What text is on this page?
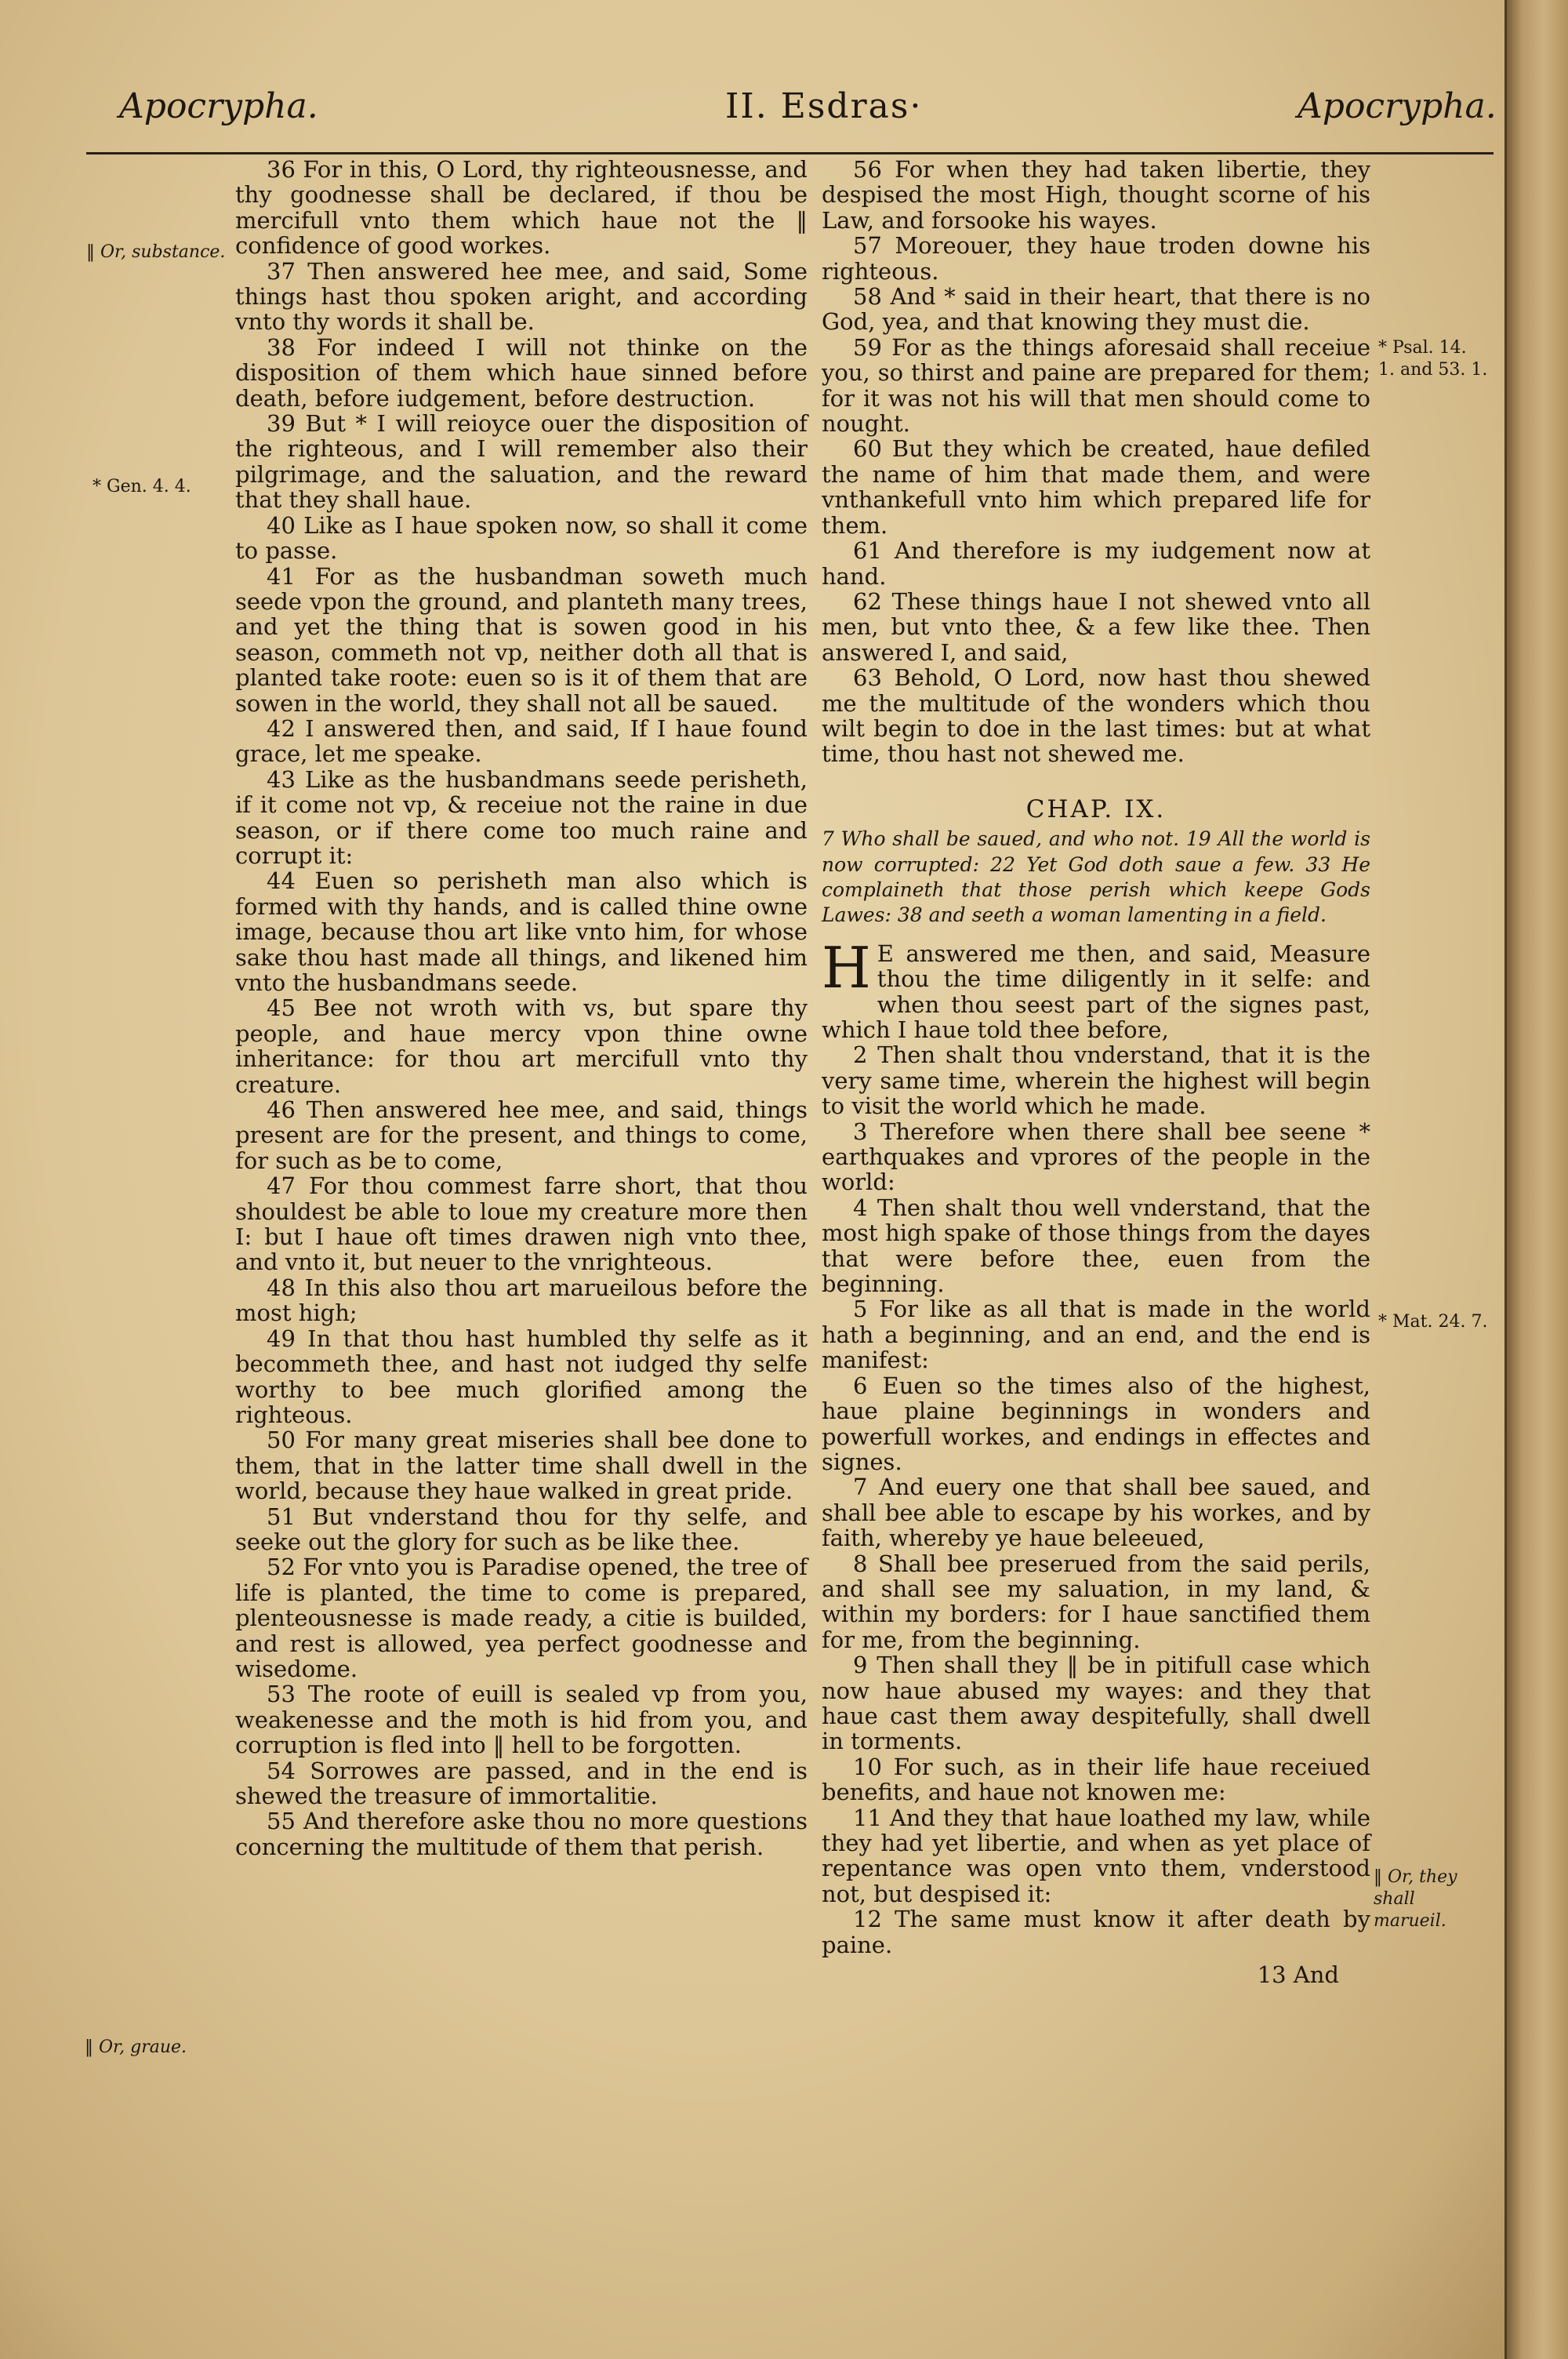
Apocrypha.	II. Esdras·	Apocrypha.
‖ Or, substance.
* Gen. 4. 4.
‖ Or, graue.
* Psal. 14. 1. and 53. 1.
* Mat. 24. 7.
‖ Or, they shall marueil.

36 For in this, O Lord, thy righteousnesse, and thy goodnesse shall be declared, if thou be mercifull vnto them which haue not the ‖ confidence of good workes.

37 Then answered hee mee, and said, Some things hast thou spoken aright, and according vnto thy words it shall be.

38 For indeed I will not thinke on the disposition of them which haue sinned before death, before iudgement, before destruction.

39 But * I will reioyce ouer the disposition of the righteous, and I will remember also their pilgrimage, and the saluation, and the reward that they shall haue.

40 Like as I haue spoken now, so shall it come to passe.

41 For as the husbandman soweth much seede vpon the ground, and planteth many trees, and yet the thing that is sowen good in his season, commeth not vp, neither doth all that is planted take roote: euen so is it of them that are sowen in the world, they shall not all be saued.

42 I answered then, and said, If I haue found grace, let me speake.

43 Like as the husbandmans seede perisheth, if it come not vp, & receiue not the raine in due season, or if there come too much raine and corrupt it:

44 Euen so perisheth man also which is formed with thy hands, and is called thine owne image, because thou art like vnto him, for whose sake thou hast made all things, and likened him vnto the husbandmans seede.

45 Bee not wroth with vs, but spare thy people, and haue mercy vpon thine owne inheritance: for thou art mercifull vnto thy creature.

46 Then answered hee mee, and said, things present are for the present, and things to come, for such as be to come,

47 For thou commest farre short, that thou shouldest be able to loue my creature more then I: but I haue oft times drawen nigh vnto thee, and vnto it, but neuer to the vnrighteous.

48 In this also thou art marueilous before the most high;

49 In that thou hast humbled thy selfe as it becommeth thee, and hast not iudged thy selfe worthy to bee much glorified among the righteous.

50 For many great miseries shall bee done to them, that in the latter time shall dwell in the world, because they haue walked in great pride.

51 But vnderstand thou for thy selfe, and seeke out the glory for such as be like thee.

52 For vnto you is Paradise opened, the tree of life is planted, the time to come is prepared, plenteousnesse is made ready, a citie is builded, and rest is allowed, yea perfect goodnesse and wisedome.

53 The roote of euill is sealed vp from you, weakenesse and the moth is hid from you, and corruption is fled into ‖ hell to be forgotten.

54 Sorrowes are passed, and in the end is shewed the treasure of immortalitie.

55 And therefore aske thou no more questions concerning the multitude of them that perish.

56 For when they had taken libertie, they despised the most High, thought scorne of his Law, and forsooke his wayes.

57 Moreouer, they haue troden downe his righteous.

58 And * said in their heart, that there is no God, yea, and that knowing they must die.

59 For as the things aforesaid shall receiue you, so thirst and paine are prepared for them; for it was not his will that men should come to nought.

60 But they which be created, haue defiled the name of him that made them, and were vnthankefull vnto him which prepared life for them.

61 And therefore is my iudgement now at hand.

62 These things haue I not shewed vnto all men, but vnto thee, & a few like thee. Then answered I, and said,

63 Behold, O Lord, now hast thou shewed me the multitude of the wonders which thou wilt begin to doe in the last times: but at what time, thou hast not shewed me.

CHAP. IX.
7 Who shall be saued, and who not. 19 All the world is now corrupted: 22 Yet God doth saue a few. 33 He complaineth that those perish which keepe Gods Lawes: 38 and seeth a woman lamenting in a field.

H E answered me then, and said, Measure thou the time diligently in it selfe: and when thou seest part of the signes past, which I haue told thee before,

2 Then shalt thou vnderstand, that it is the very same time, wherein the highest will begin to visit the world which he made.

3 Therefore when there shall bee seene * earthquakes and vprores of the people in the world:

4 Then shalt thou well vnderstand, that the most high spake of those things from the dayes that were before thee, euen from the beginning.

5 For like as all that is made in the world hath a beginning, and an end, and the end is manifest:

6 Euen so the times also of the highest, haue plaine beginnings in wonders and powerfull workes, and endings in effectes and signes.

7 And euery one that shall bee saued, and shall bee able to escape by his workes, and by faith, whereby ye haue beleeued,

8 Shall bee preserued from the said perils, and shall see my saluation, in my land, & within my borders: for I haue sanctified them for me, from the beginning.

9 Then shall they ‖ be in pitifull case which now haue abused my wayes: and they that haue cast them away despitefully, shall dwell in torments.

10 For such, as in their life haue receiued benefits, and haue not knowen me:

11 And they that haue loathed my law, while they had yet libertie, and when as yet place of repentance was open vnto them, vnderstood not, but despised it:

12 The same must know it after death by paine.

13 And
